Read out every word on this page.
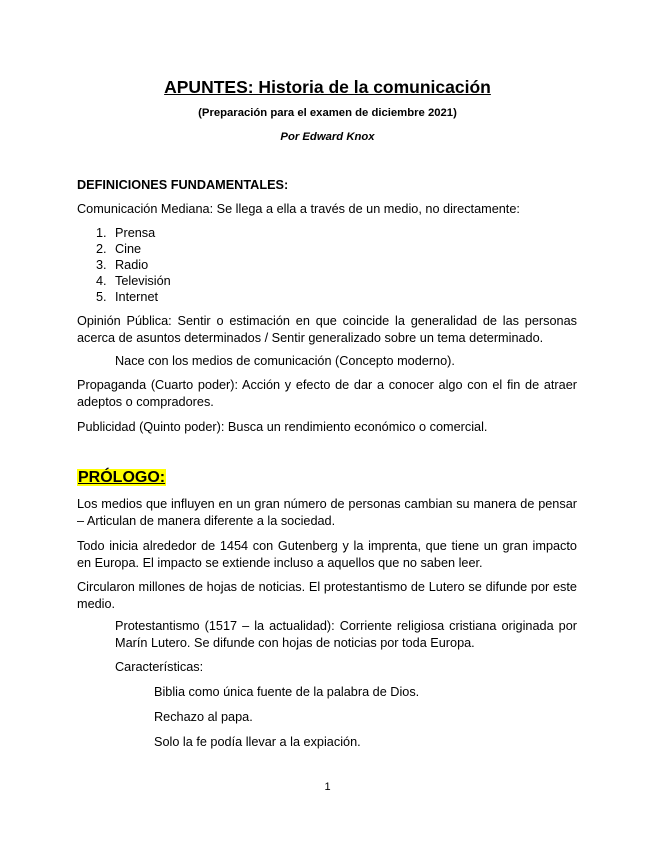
APUNTES: Historia de la comunicación
(Preparación para el examen de diciembre 2021)
Por Edward Knox
DEFINICIONES FUNDAMENTALES:
Comunicación Mediana: Se llega a ella a través de un medio, no directamente:
1. Prensa
2. Cine
3. Radio
4. Televisión
5. Internet
Opinión Pública: Sentir o estimación en que coincide la generalidad de las personas acerca de asuntos determinados / Sentir generalizado sobre un tema determinado.
Nace con los medios de comunicación (Concepto moderno).
Propaganda (Cuarto poder): Acción y efecto de dar a conocer algo con el fin de atraer adeptos o compradores.
Publicidad (Quinto poder): Busca un rendimiento económico o comercial.
PRÓLOGO:
Los medios que influyen en un gran número de personas cambian su manera de pensar – Articulan de manera diferente a la sociedad.
Todo inicia alrededor de 1454 con Gutenberg y la imprenta, que tiene un gran impacto en Europa. El impacto se extiende incluso a aquellos que no saben leer.
Circularon millones de hojas de noticias. El protestantismo de Lutero se difunde por este medio.
Protestantismo (1517 – la actualidad): Corriente religiosa cristiana originada por Marín Lutero. Se difunde con hojas de noticias por toda Europa.
Características:
Biblia como única fuente de la palabra de Dios.
Rechazo al papa.
Solo la fe podía llevar a la expiación.
1
